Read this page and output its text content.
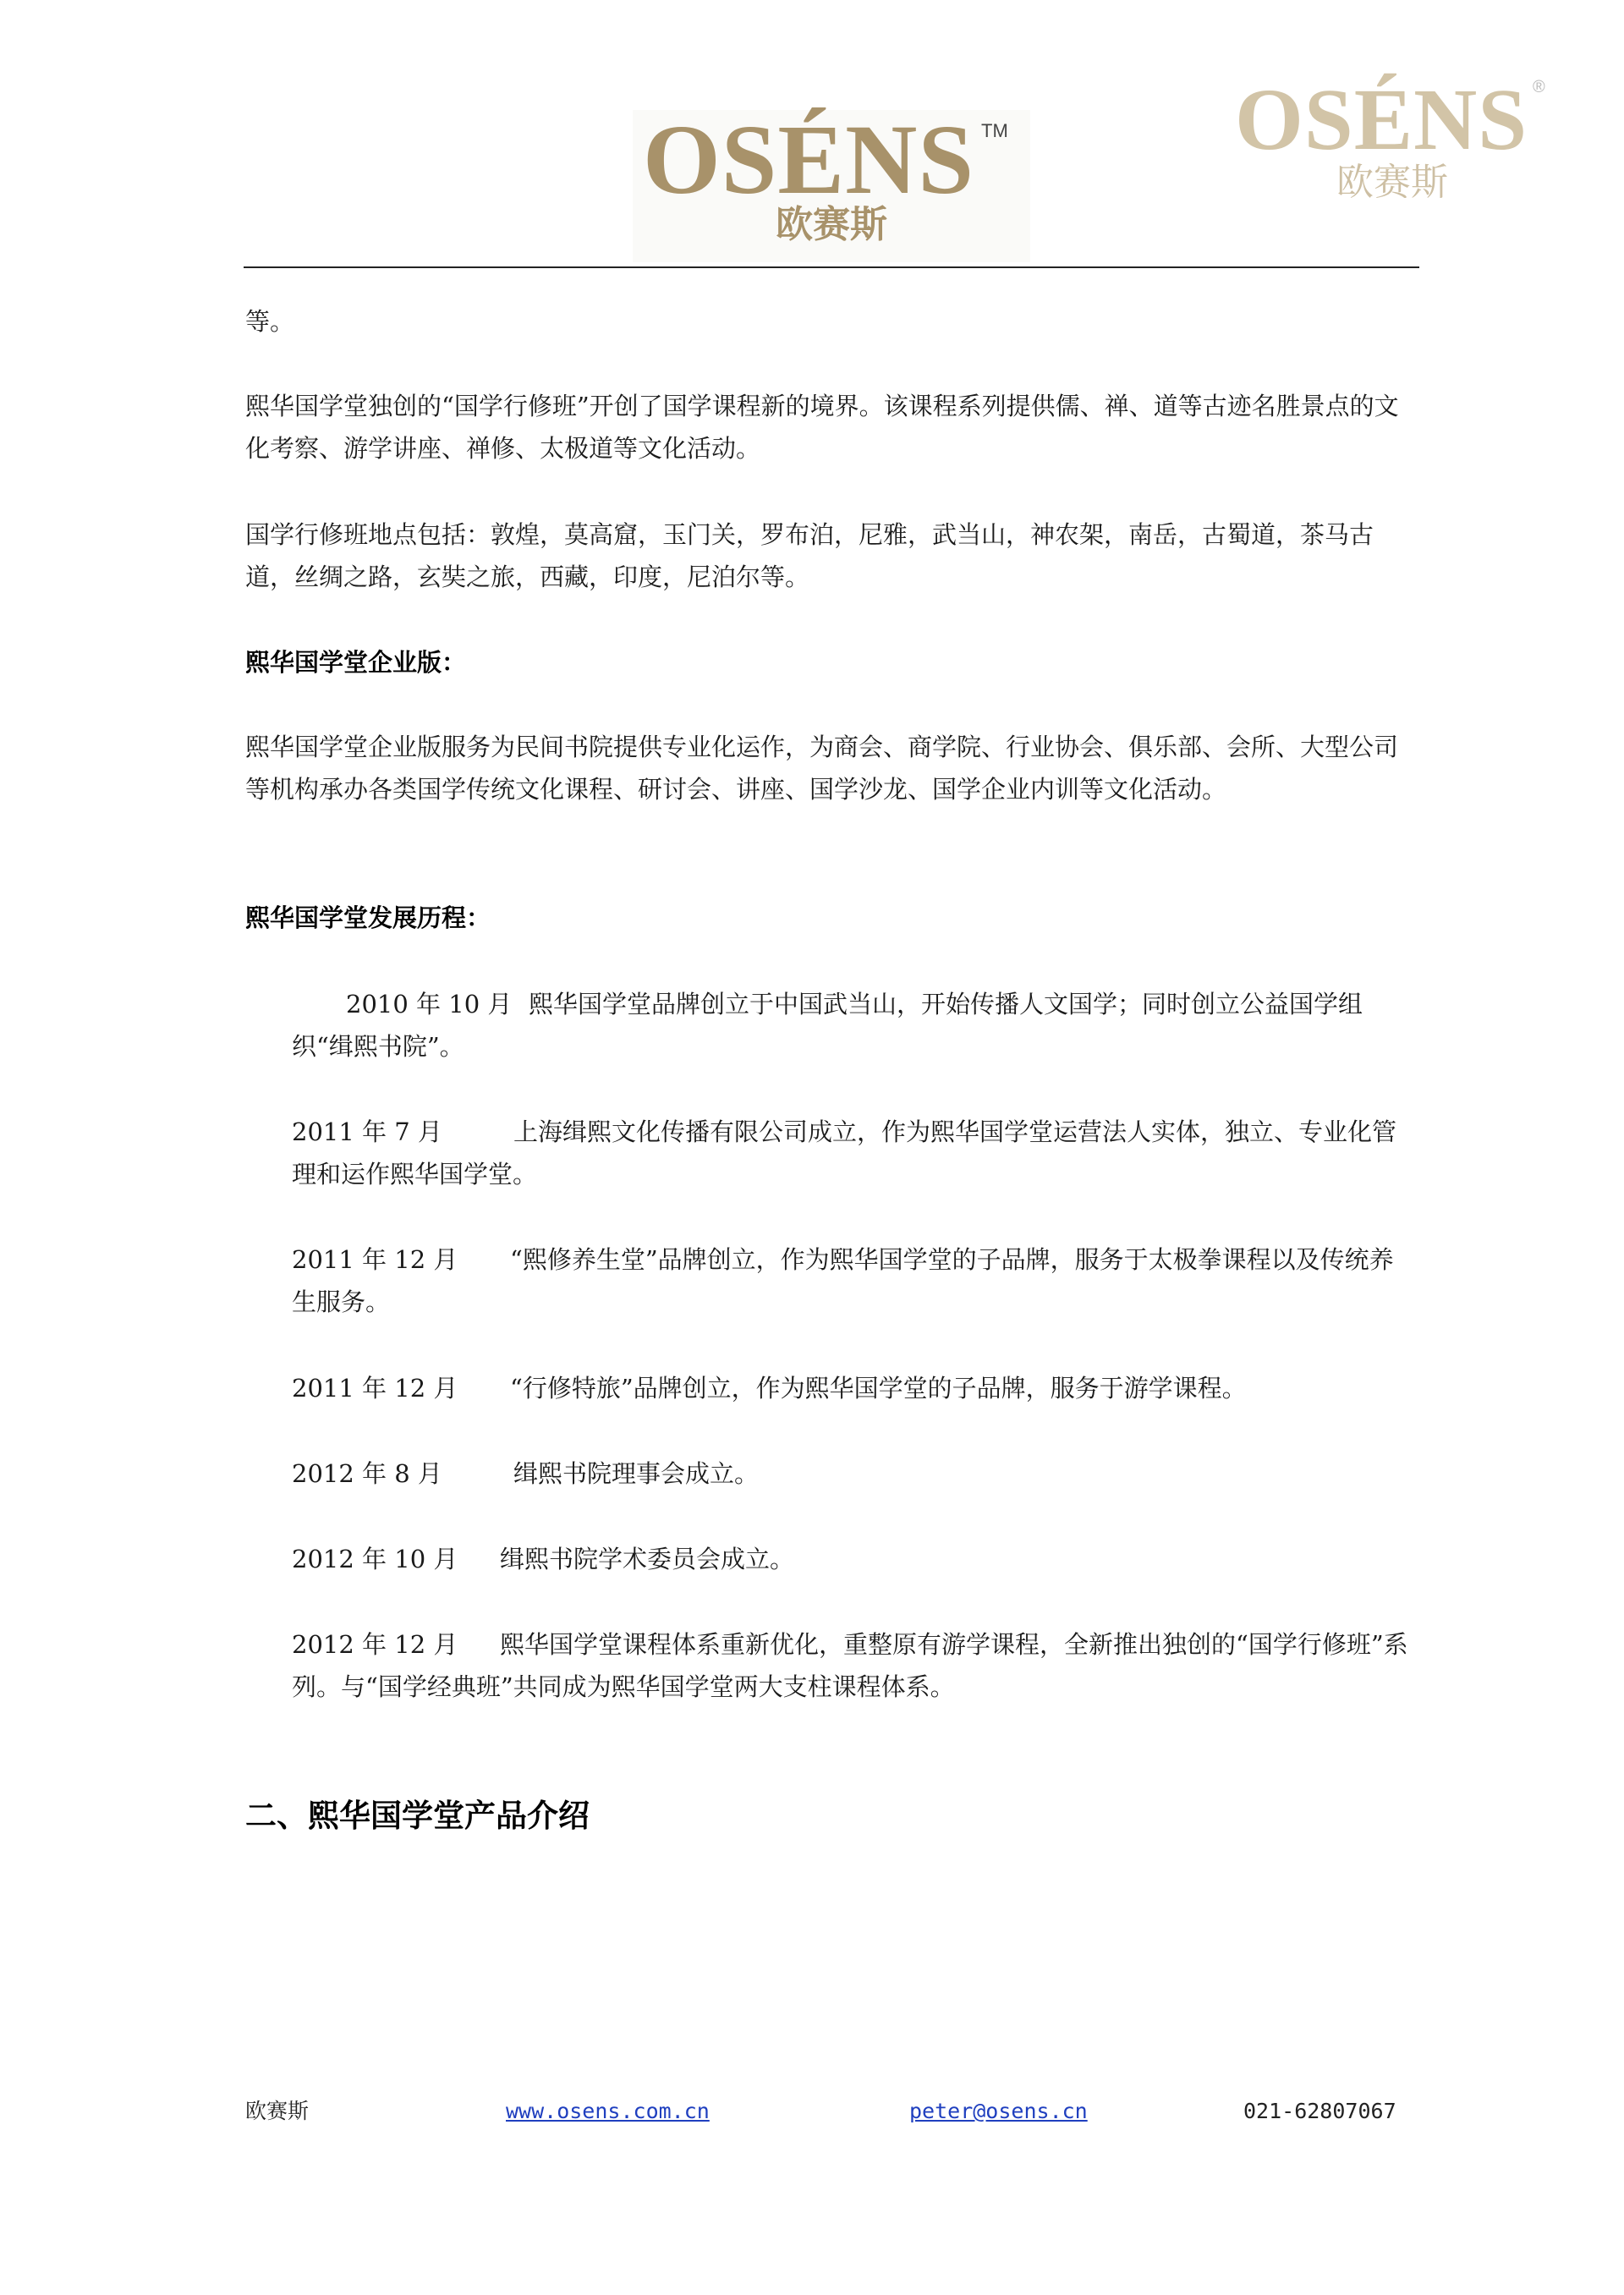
OSÉNS TM
欧赛斯
OSÉNS ®
欧赛斯

等。

熙华国学堂独创的“国学行修班”开创了国学课程新的境界。该课程系列提供儒、禅、道等古迹名胜景点的文化考察、游学讲座、禅修、太极道等文化活动。

国学行修班地点包括：敦煌，莫高窟，玉门关，罗布泊，尼雅，武当山，神农架，南岳，古蜀道，茶马古道，丝绸之路，玄奘之旅，西藏，印度，尼泊尔等。

熙华国学堂企业版：

熙华国学堂企业版服务为民间书院提供专业化运作，为商会、商学院、行业协会、俱乐部、会所、大型公司等机构承办各类国学传统文化课程、研讨会、讲座、国学沙龙、国学企业内训等文化活动。

熙华国学堂发展历程：

2010 年 10 月 熙华国学堂品牌创立于中国武当山，开始传播人文国学；同时创立公益国学组织“缉熙书院”。

2011 年 7 月	上海缉熙文化传播有限公司成立，作为熙华国学堂运营法人实体，独立、专业化管理和运作熙华国学堂。

2011 年 12 月 “熙修养生堂”品牌创立，作为熙华国学堂的子品牌，服务于太极拳课程以及传统养生服务。

2011 年 12 月 “行修特旅”品牌创立，作为熙华国学堂的子品牌，服务于游学课程。

2012 年 8 月	缉熙书院理事会成立。

2012 年 10 月 缉熙书院学术委员会成立。

2012 年 12 月 熙华国学堂课程体系重新优化，重整原有游学课程，全新推出独创的“国学行修班”系列。与“国学经典班”共同成为熙华国学堂两大支柱课程体系。

二、熙华国学堂产品介绍

欧赛斯	www.osens.com.cn	peter@osens.cn	021-62807067
